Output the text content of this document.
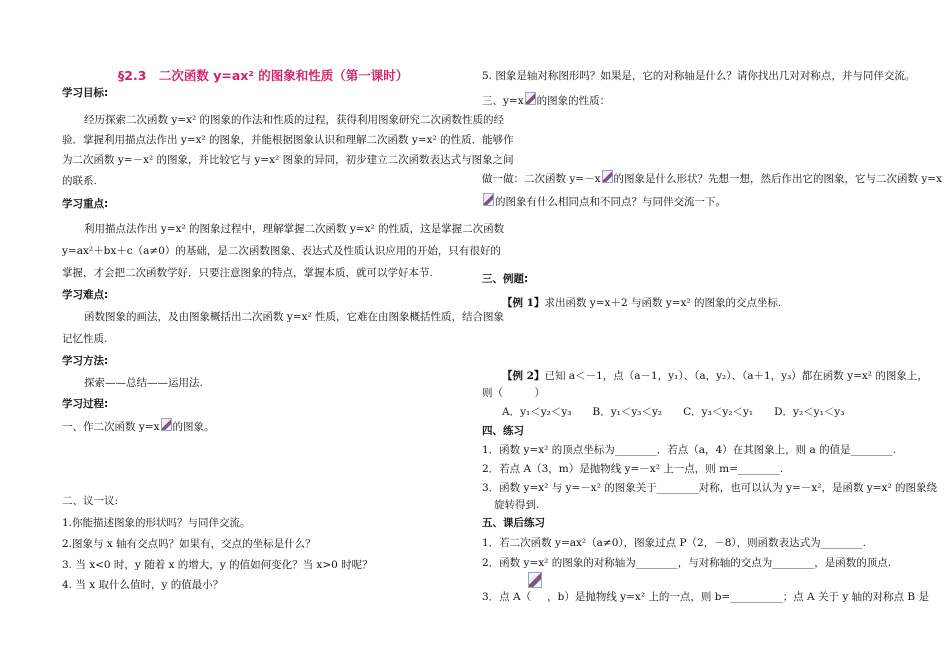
§2.3　二次函数 y=ax² 的图象和性质（第一课时）
学习目标:
经历探索二次函数 y=x² 的图象的作法和性质的过程，获得利用图象研究二次函数性质的经
验．掌握利用描点法作出 y=x² 的图象，并能根据图象认识和理解二次函数 y=x² 的性质．能够作
为二次函数 y=－x² 的图象，并比较它与 y=x² 图象的异同，初步建立二次函数表达式与图象之间
的联系.
学习重点:
利用描点法作出 y=x² 的图象过程中，理解掌握二次函数 y=x² 的性质，这是掌握二次函数
y=ax²＋bx＋c（a≠0）的基础，是二次函数图象、表达式及性质认识应用的开始，只有很好的
掌握，才会把二次函数学好．只要注意图象的特点，掌握本质，就可以学好本节.
学习难点:
函数图象的画法，及由图象概括出二次函数 y=x² 性质，它难在由图象概括性质，结合图象
记忆性质.
学习方法:
探索——总结——运用法.
学习过程:
一、作二次函数 y=x 的图象。
二、议一议:
1.你能描述图象的形状吗？与同伴交流。
2.图象与 x 轴有交点吗？如果有，交点的坐标是什么？
3. 当 x<0 时，y 随着 x 的增大，y 的值如何变化？当 x>0 时呢？
4. 当 x 取什么值时，y 的值最小？
5. 图象是轴对称图形吗？如果是，它的对称轴是什么？请你找出几对对称点，并与同伴交流。
三、y=x 的图象的性质：
做一做：二次函数 y=－x 的图象是什么形状？先想一想，然后作出它的图象，它与二次函数 y=x
的图象有什么相同点和不同点？与同伴交流一下。
三、例题:
【例 1】求出函数 y=x＋2 与函数 y=x² 的图象的交点坐标.
【例 2】已知 a＜－1，点（a－1，y₁）、（a，y₂）、（a＋1，y₃）都在函数 y=x² 的图象上，
则（　　　）
A．y₁＜y₂＜y₃　　B．y₁＜y₃＜y₂　　C．y₃＜y₂＜y₁　　D．y₂＜y₁＜y₃
四、练习
1．函数 y=x² 的顶点坐标为________．若点（a，4）在其图象上，则 a 的值是________.
2．若点 A（3，m）是抛物线 y=－x² 上一点，则 m=________.
3．函数 y=x² 与 y=－x² 的图象关于________对称，也可以认为 y=－x²，是函数 y=x² 的图象绕
旋转得到.
五、课后练习
1．若二次函数 y=ax²（a≠0），图象过点 P（2，－8），则函数表达式为________.
2．函数 y=x² 的图象的对称轴为________，与对称轴的交点为________，是函数的顶点.
3．点 A（ ，b）是抛物线 y=x² 上的一点，则 b=__________；点 A 关于 y 轴的对称点 B 是
